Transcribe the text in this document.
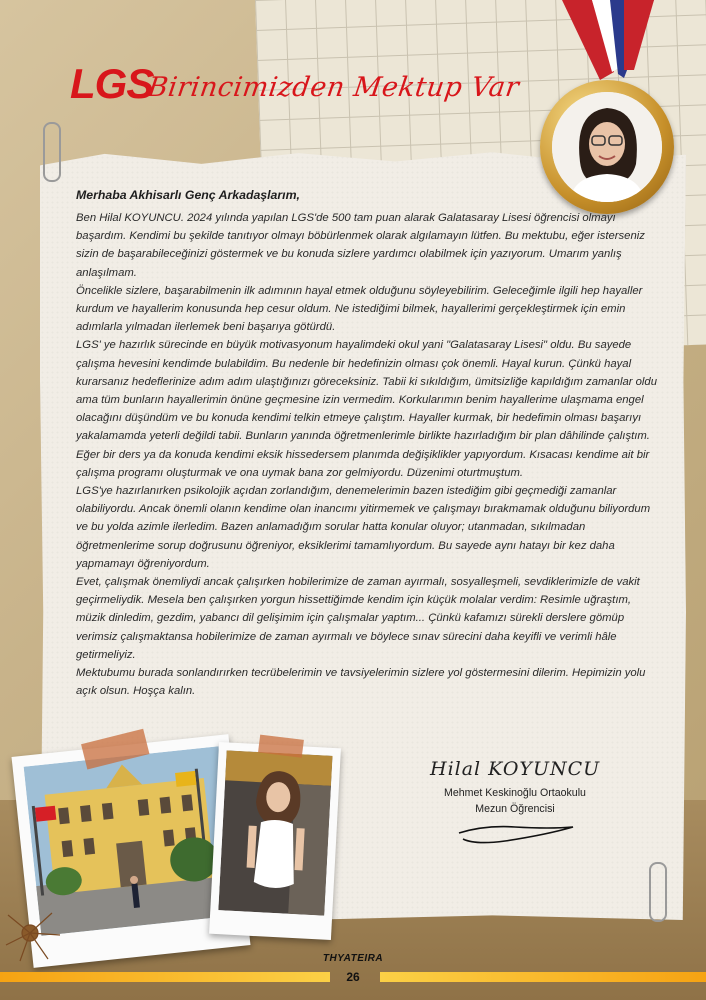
LGS
Birincimizden Mektup Var
Merhaba Akhisarlı Genç Arkadaşlarım,

Ben Hilal KOYUNCU. 2024 yılında yapılan LGS'de 500 tam puan alarak Galatasaray Lisesi öğrencisi olmayı başardım. Kendimi bu şekilde tanıtıyor olmayı böbürlenmek olarak algılamayın lütfen. Bu mektubu, eğer isterseniz sizin de başarabileceğinizi göstermek ve bu konuda sizlere yardımcı olabilmek için yazıyorum. Umarım yanlış anlaşılmam.

Öncelikle sizlere, başarabilmenin ilk adımının hayal etmek olduğunu söyleyebilirim. Geleceğimle ilgili hep hayaller kurdum ve hayallerim konusunda hep cesur oldum. Ne istediğimi bilmek, hayallerimi gerçekleştirmek için emin adımlarla yılmadan ilerlemek beni başarıya götürdü.

LGS' ye hazırlık sürecinde en büyük motivasyonum hayalimdeki okul yani "Galatasaray Lisesi" oldu. Bu sayede çalışma hevesini kendimde bulabildim. Bu nedenle bir hedefinizin olması çok önemli. Hayal kurun. Çünkü hayal kurarsanız hedeflerinize adım adım ulaştığınızı göreceksiniz. Tabii ki sıkıldığım, ümitsizliğe kapıldığım zamanlar oldu ama tüm bunların hayallerimin önüne geçmesine izin vermedim. Korkularımın benim hayallerime ulaşmama engel olacağını düşündüm ve bu konuda kendimi telkin etmeye çalıştım. Hayaller kurmak, bir hedefimin olması başarıyı yakalamamda yeterli değildi tabii. Bunların yanında öğretmenlerimle birlikte hazırladığım bir plan dâhilinde çalıştım. Eğer bir ders ya da konuda kendimi eksik hissedersem planımda değişiklikler yapıyordum. Kısacası kendime ait bir çalışma programı oluşturmak ve ona uymak bana zor gelmiyordu. Düzenimi oturtmuştum.

LGS'ye hazırlanırken psikolojik açıdan zorlandığım, denemelerimin bazen istediğim gibi geçmediği zamanlar olabiliyordu. Ancak önemli olanın kendime olan inancımı yitirmemek ve çalışmayı bırakmamak olduğunu biliyordum ve bu yolda azimle ilerledim. Bazen anlamadığım sorular hatta konular oluyor; utanmadan, sıkılmadan öğretmenlerime sorup doğrusunu öğreniyor, eksiklerimi tamamlıyordum. Bu sayede aynı hatayı bir kez daha yapmamayı öğreniyordum.

Evet, çalışmak önemliydi ancak çalışırken hobilerimize de zaman ayırmalı, sosyalleşmeli, sevdiklerimizle de vakit geçirmeliydik. Mesela ben çalışırken yorgun hissettiğimde kendim için küçük molalar verdim: Resimle uğraştım, müzik dinledim, gezdim, yabancı dil gelişimim için çalışmalar yaptım... Çünkü kafamızı sürekli derslere gömüp verimsiz çalışmaktansa hobilerimize de zaman ayırmalı ve böylece sınav sürecini daha keyifli ve verimli hâle getirmeliyiz.

Mektubumu burada sonlandırırken tecrübelerimin ve tavsiyelerimin sizlere yol göstermesini dilerim. Hepimizin yolu açık olsun. Hoşça kalın.

Hilal KOYUNCU
Mehmet Keskinoğlu Ortaokulu
Mezun Öğrencisi
THYATEIRA
26
